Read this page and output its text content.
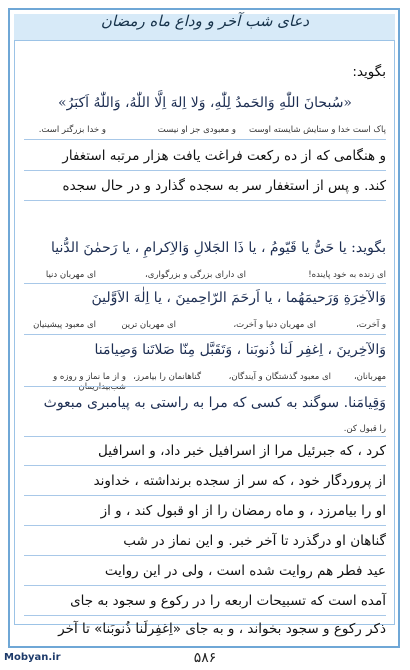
دعای شب آخر و وداع ماه رمضان
بگوید:
«سُبحانَ اللّٰهِ وَالحَمدُ لِلّٰهِ، وَلا اِلهَ اِلَّا اللّٰهُ، وَاللّٰهُ اَکبَرُ»
پاک است خدا و ستایش شایسته اوست
و معبودی جز او نیست
و خدا بزرگتر است.
و هنگامی که از ده رکعت فراغت یافت هزار مرتبه استغفار
کند. و پس از استغفار سر به سجده گذارد و در حال سجده
بگوید: یا حَیُّ یا قَیّومُ ، یا ذَا الجَلالِ وَالاِکرامِ ، یا رَحمٰنَ الدُّنیا
ای زنده به خود پاینده!
ای دارای بزرگی و بزرگواری،
ای مهربان دنیا
وَالآخِرَةِ وَرَحیمَهُما ، یا اَرحَمَ الرّاحِمینَ ، یا اِلٰهَ الاَوَّلینَ
و آخرت،
ای مهربان دنیا و آخرت،
ای مهربان ترین
ای معبود پیشینیان
وَالآخِرینَ ، اِغفِر لَنا ذُنوبَنا ، وَتَقَبَّل مِنّا صَلاتَنا وَصِیامَنا
مهربانان،
ای معبود گذشتگان و آیندگان،
گناهانمان را بیامرز،
و از ما نماز و روزه و شب‌بیداریمان
وَقِیامَنا. سوگند به کسی که مرا به راستی به پیامبری مبعوث
را قبول کن.
کرد ، که جبرئیل مرا از اسرافیل خبر داد، و اسرافیل
از پروردگار خود ، که سر از سجده برنداشته ، خداوند
او را بیامرزد ، و ماه رمضان را از او قبول کند ، و از
گناهان او درگذرد تا آخر خبر. و این نماز در شب
عید فطر هم روایت شده است ، ولی در این روایت
آمده است که تسبیحات اربعه را در رکوع و سجود به جای
ذکر رکوع و سجود بخواند ، و به جای «اِغفِرلَنا ذُنوبَنا» تا آخر
۵۸۶
Mobyan.ir
